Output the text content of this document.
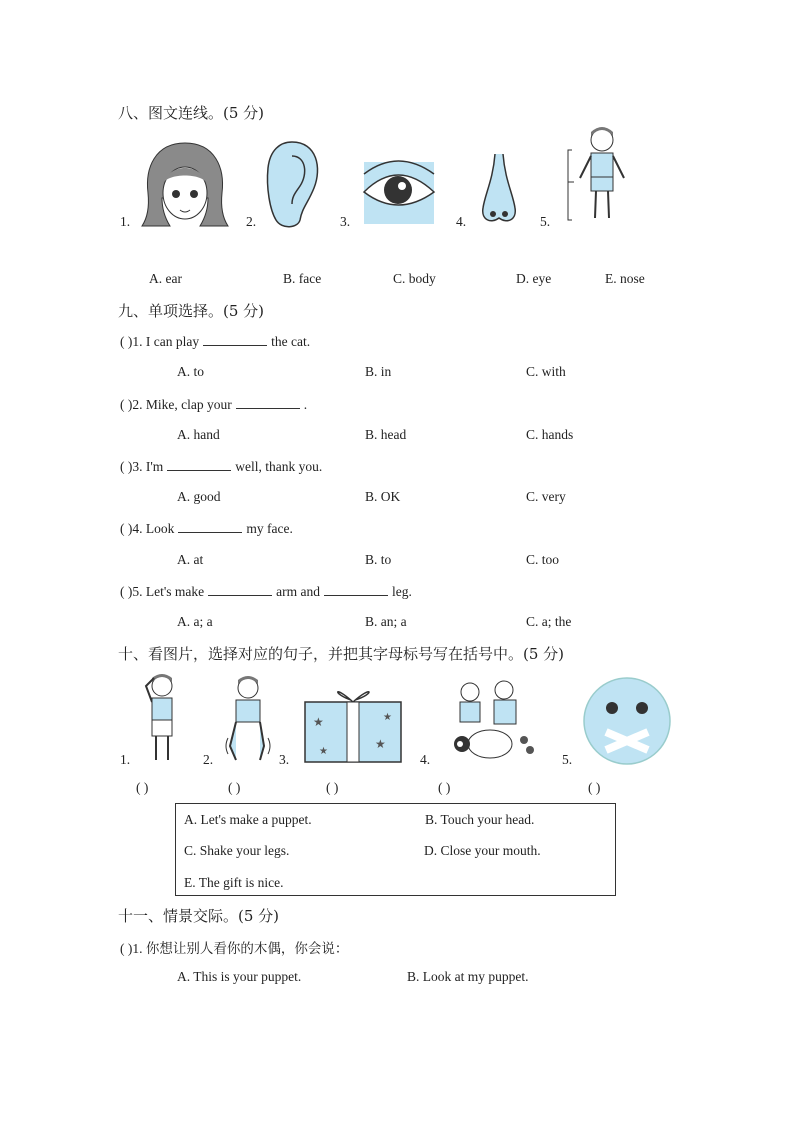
八、图文连线。(5 分)
1.	2.	3.	4.	5.
A. ear	B. face	C. body	D. eye	E. nose
九、单项选择。(5 分)
( )1. I can play	the cat.
A. to	B. in	C. with
( )2. Mike, clap your	.
A. hand	B. head	C. hands
( )3. I'm	well, thank you.
A. good	B. OK	C. very
( )4. Look	my face.
A. at	B. to	C. too
( )5. Let's make	arm and	leg.
A. a; a	B. an; a	C. a; the
十、看图片，选择对应的句子，并把其字母标号写在括号中。(5 分)
★
★
★
★
1.	2.	3.	4.	5.
( )	( )	( )	( )	( )
A. Let's make a puppet.	B. Touch your head.
C. Shake your legs.	D. Close your mouth.
E. The gift is nice.
十一、情景交际。(5 分)
( )1. 你想让别人看你的木偶，你会说：
A. This is your puppet.	B. Look at my puppet.
